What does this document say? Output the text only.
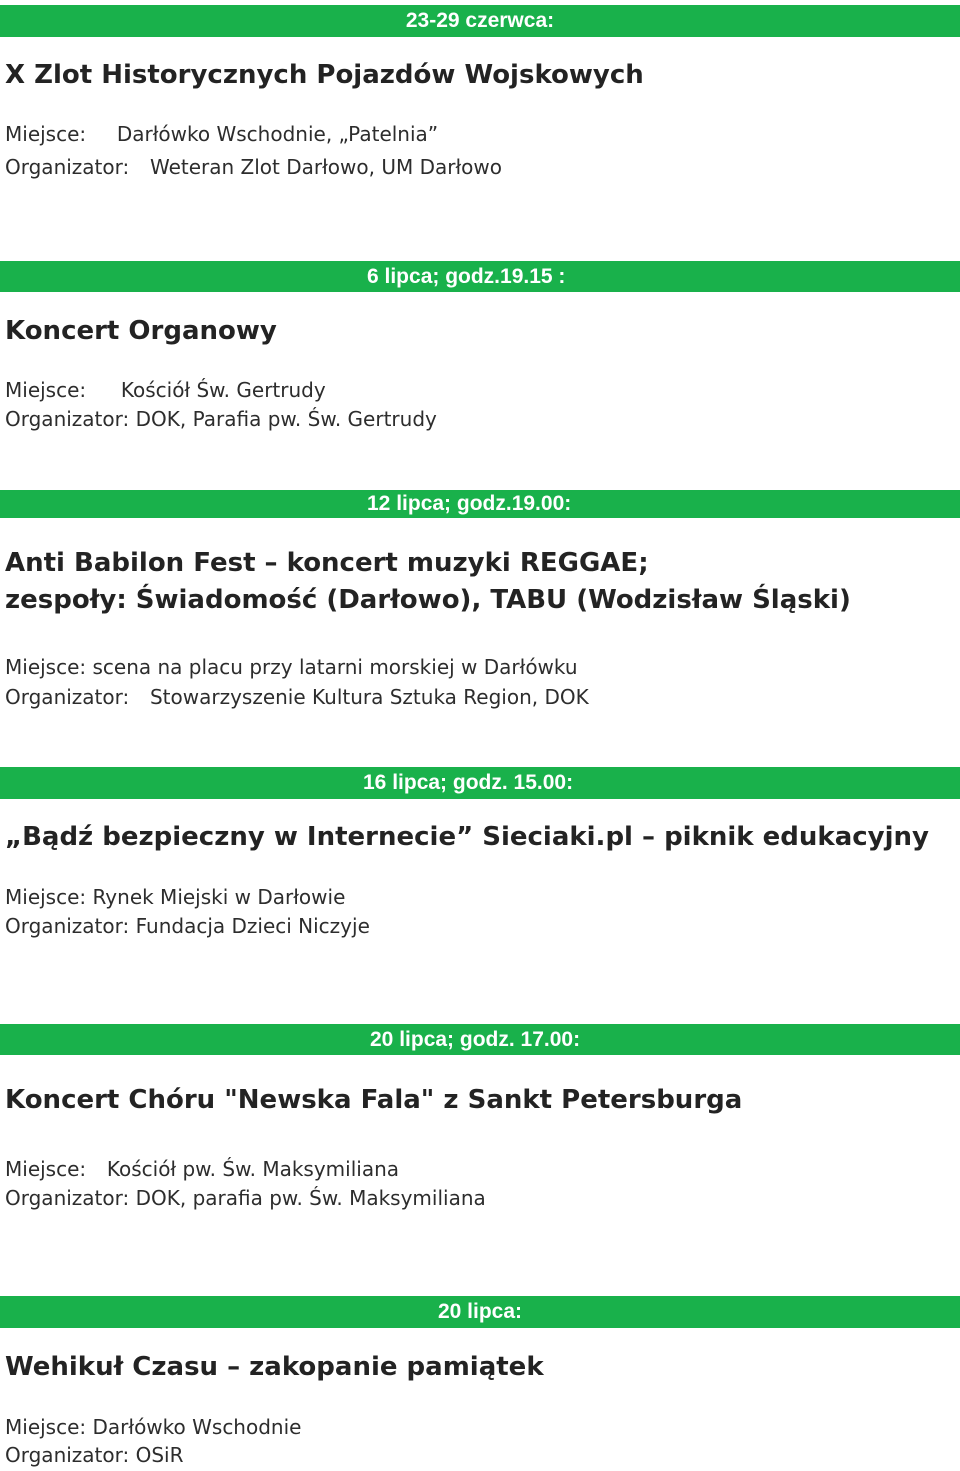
23-29 czerwca:
X Zlot Historycznych Pojazdów Wojskowych
Miejsce: Darłówko Wschodnie, „Patelnia”
Organizator: Weteran Zlot Darłowo, UM Darłowo
6 lipca; godz.19.15 :
Koncert Organowy
Miejsce: Kościół Św. Gertrudy
Organizator: DOK, Parafia pw. Św. Gertrudy
12 lipca; godz.19.00:
Anti Babilon Fest – koncert muzyki REGGAE;
zespoły: Świadomość (Darłowo), TABU (Wodzisław Śląski)
Miejsce: scena na placu przy latarni morskiej w Darłówku
Organizator: Stowarzyszenie Kultura Sztuka Region, DOK
16 lipca; godz. 15.00:
„Bądź bezpieczny w Internecie” Sieciaki.pl – piknik edukacyjny
Miejsce: Rynek Miejski w Darłowie
Organizator: Fundacja Dzieci Niczyje
20 lipca; godz. 17.00:
Koncert Chóru "Newska Fala" z Sankt Petersburga
Miejsce: Kościół pw. Św. Maksymiliana
Organizator: DOK, parafia pw. Św. Maksymiliana
20 lipca:
Wehikuł Czasu – zakopanie pamiątek
Miejsce: Darłówko Wschodnie
Organizator: OSiR
